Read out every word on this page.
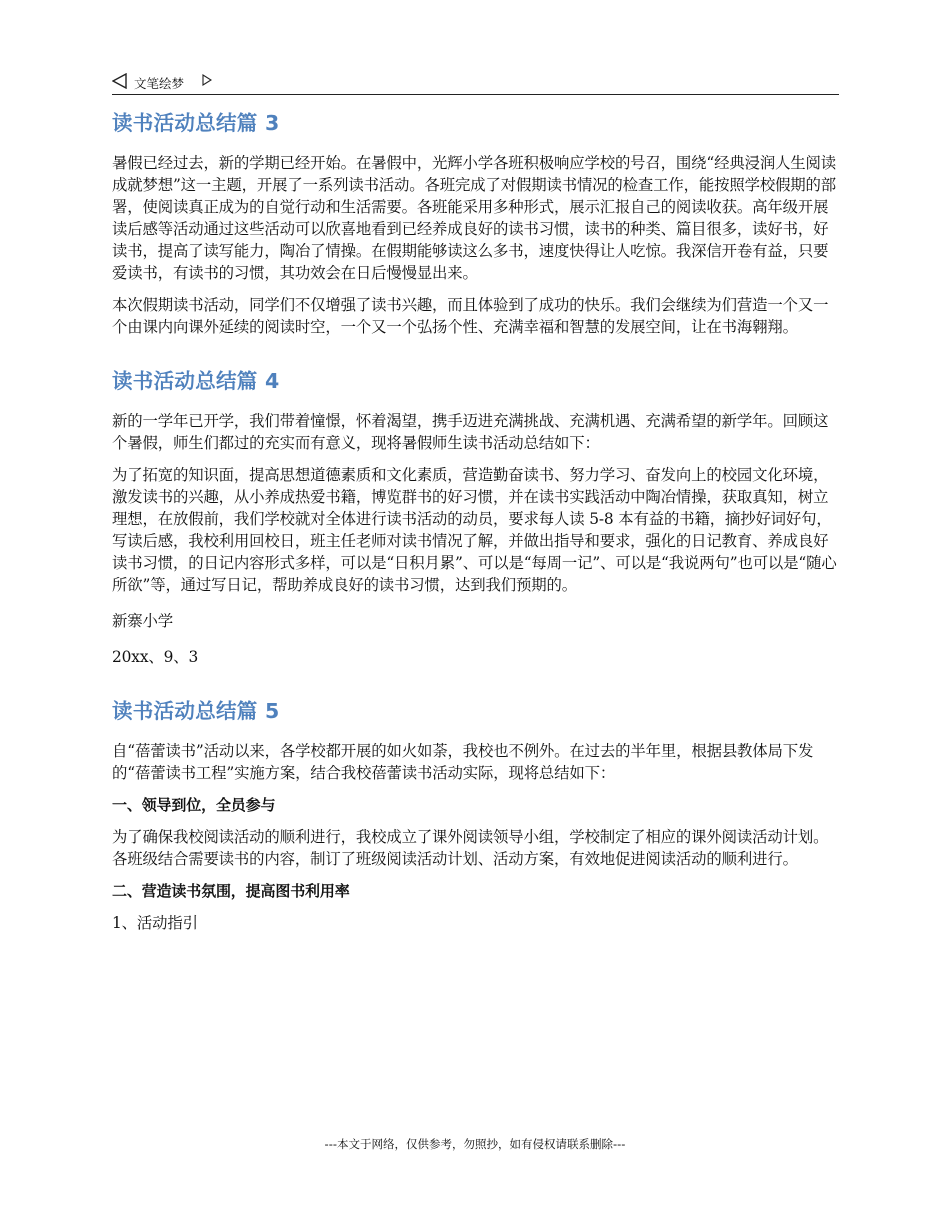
文笔绘梦
读书活动总结篇 3

暑假已经过去，新的学期已经开始。在暑假中，光辉小学各班积极响应学校的号召，围绕“经典浸润人生阅读成就梦想”这一主题，开展了一系列读书活动。各班完成了对假期读书情况的检查工作，能按照学校假期的部署，使阅读真正成为的自觉行动和生活需要。各班能采用多种形式，展示汇报自己的阅读收获。高年级开展读后感等活动通过这些活动可以欣喜地看到已经养成良好的读书习惯，读书的种类、篇目很多，读好书，好读书，提高了读写能力，陶冶了情操。在假期能够读这么多书，速度快得让人吃惊。我深信开卷有益，只要爱读书，有读书的习惯，其功效会在日后慢慢显出来。

本次假期读书活动，同学们不仅增强了读书兴趣，而且体验到了成功的快乐。我们会继续为们营造一个又一个由课内向课外延续的阅读时空，一个又一个弘扬个性、充满幸福和智慧的发展空间，让在书海翱翔。

读书活动总结篇 4

新的一学年已开学，我们带着憧憬，怀着渴望，携手迈进充满挑战、充满机遇、充满希望的新学年。回顾这个暑假，师生们都过的充实而有意义，现将暑假师生读书活动总结如下：

为了拓宽的知识面，提高思想道德素质和文化素质，营造勤奋读书、努力学习、奋发向上的校园文化环境，激发读书的兴趣，从小养成热爱书籍，博览群书的好习惯，并在读书实践活动中陶冶情操，获取真知，树立理想，在放假前，我们学校就对全体进行读书活动的动员，要求每人读 5-8 本有益的书籍，摘抄好词好句，写读后感，我校利用回校日，班主任老师对读书情况了解，并做出指导和要求，强化的日记教育、养成良好读书习惯，的日记内容形式多样，可以是“日积月累”、可以是“每周一记”、可以是“我说两句”也可以是“随心所欲”等，通过写日记，帮助养成良好的读书习惯，达到我们预期的。

新寨小学

20xx、9、3

读书活动总结篇 5

自“蓓蕾读书”活动以来，各学校都开展的如火如荼，我校也不例外。在过去的半年里，根据县教体局下发的“蓓蕾读书工程”实施方案，结合我校蓓蕾读书活动实际，现将总结如下：

一、领导到位，全员参与

为了确保我校阅读活动的顺利进行，我校成立了课外阅读领导小组，学校制定了相应的课外阅读活动计划。各班级结合需要读书的内容，制订了班级阅读活动计划、活动方案，有效地促进阅读活动的顺利进行。

二、营造读书氛围，提高图书利用率

1、活动指引

---本文于网络，仅供参考，勿照抄，如有侵权请联系删除---
